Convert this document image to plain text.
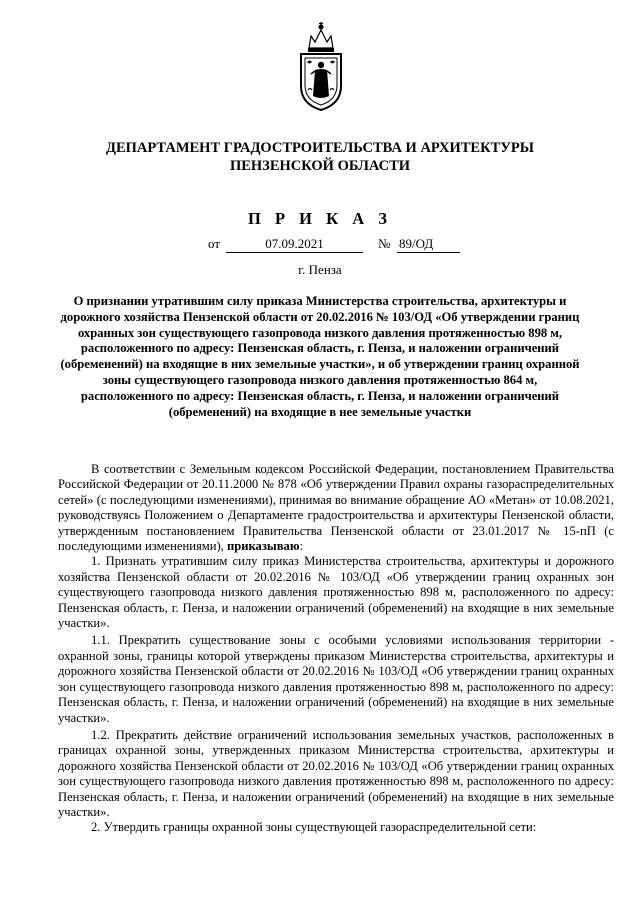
ДЕПАРТАМЕНТ ГРАДОСТРОИТЕЛЬСТВА И АРХИТЕКТУРЫ
ПЕНЗЕНСКОЙ ОБЛАСТИ
П Р И К А З
от	07.09.2021	№ 89/ОД
г. Пенза
О признании утратившим силу приказа Министерства строительства, архитектуры и дорожного хозяйства Пензенской области от 20.02.2016 № 103/ОД «Об утверждении границ охранных зон существующего газопровода низкого давления протяженностью 898 м, расположенного по адресу: Пензенская область, г. Пенза, и наложении ограничений (обременений) на входящие в них земельные участки», и об утверждении границ охранной зоны существующего газопровода низкого давления протяженностью 864 м, расположенного по адресу: Пензенская область, г. Пенза, и наложении ограничений (обременений) на входящие в нее земельные участки

В соответствии с Земельным кодексом Российской Федерации, постановлением Правительства Российской Федерации от 20.11.2000 № 878 «Об утверждении Правил охраны газораспределительных сетей» (с последующими изменениями), принимая во внимание обращение АО «Метан» от 10.08.2021, руководствуясь Положением о Департаменте градостроительства и архитектуры Пензенской области, утвержденным постановлением Правительства Пензенской области от 23.01.2017 № 15-пП (с последующими изменениями), приказываю:

1. Признать утратившим силу приказ Министерства строительства, архитектуры и дорожного хозяйства Пензенской области от 20.02.2016 № 103/ОД «Об утверждении границ охранных зон существующего газопровода низкого давления протяженностью 898 м, расположенного по адресу: Пензенская область, г. Пенза, и наложении ограничений (обременений) на входящие в них земельные участки».

1.1. Прекратить существование зоны с особыми условиями использования территории - охранной зоны, границы которой утверждены приказом Министерства строительства, архитектуры и дорожного хозяйства Пензенской области от 20.02.2016 № 103/ОД «Об утверждении границ охранных зон существующего газопровода низкого давления протяженностью 898 м, расположенного по адресу: Пензенская область, г. Пенза, и наложении ограничений (обременений) на входящие в них земельные участки».

1.2. Прекратить действие ограничений использования земельных участков, расположенных в границах охранной зоны, утвержденных приказом Министерства строительства, архитектуры и дорожного хозяйства Пензенской области от 20.02.2016 № 103/ОД «Об утверждении границ охранных зон существующего газопровода низкого давления протяженностью 898 м, расположенного по адресу: Пензенская область, г. Пенза, и наложении ограничений (обременений) на входящие в них земельные участки».

2. Утвердить границы охранной зоны существующей газораспределительной сети:
